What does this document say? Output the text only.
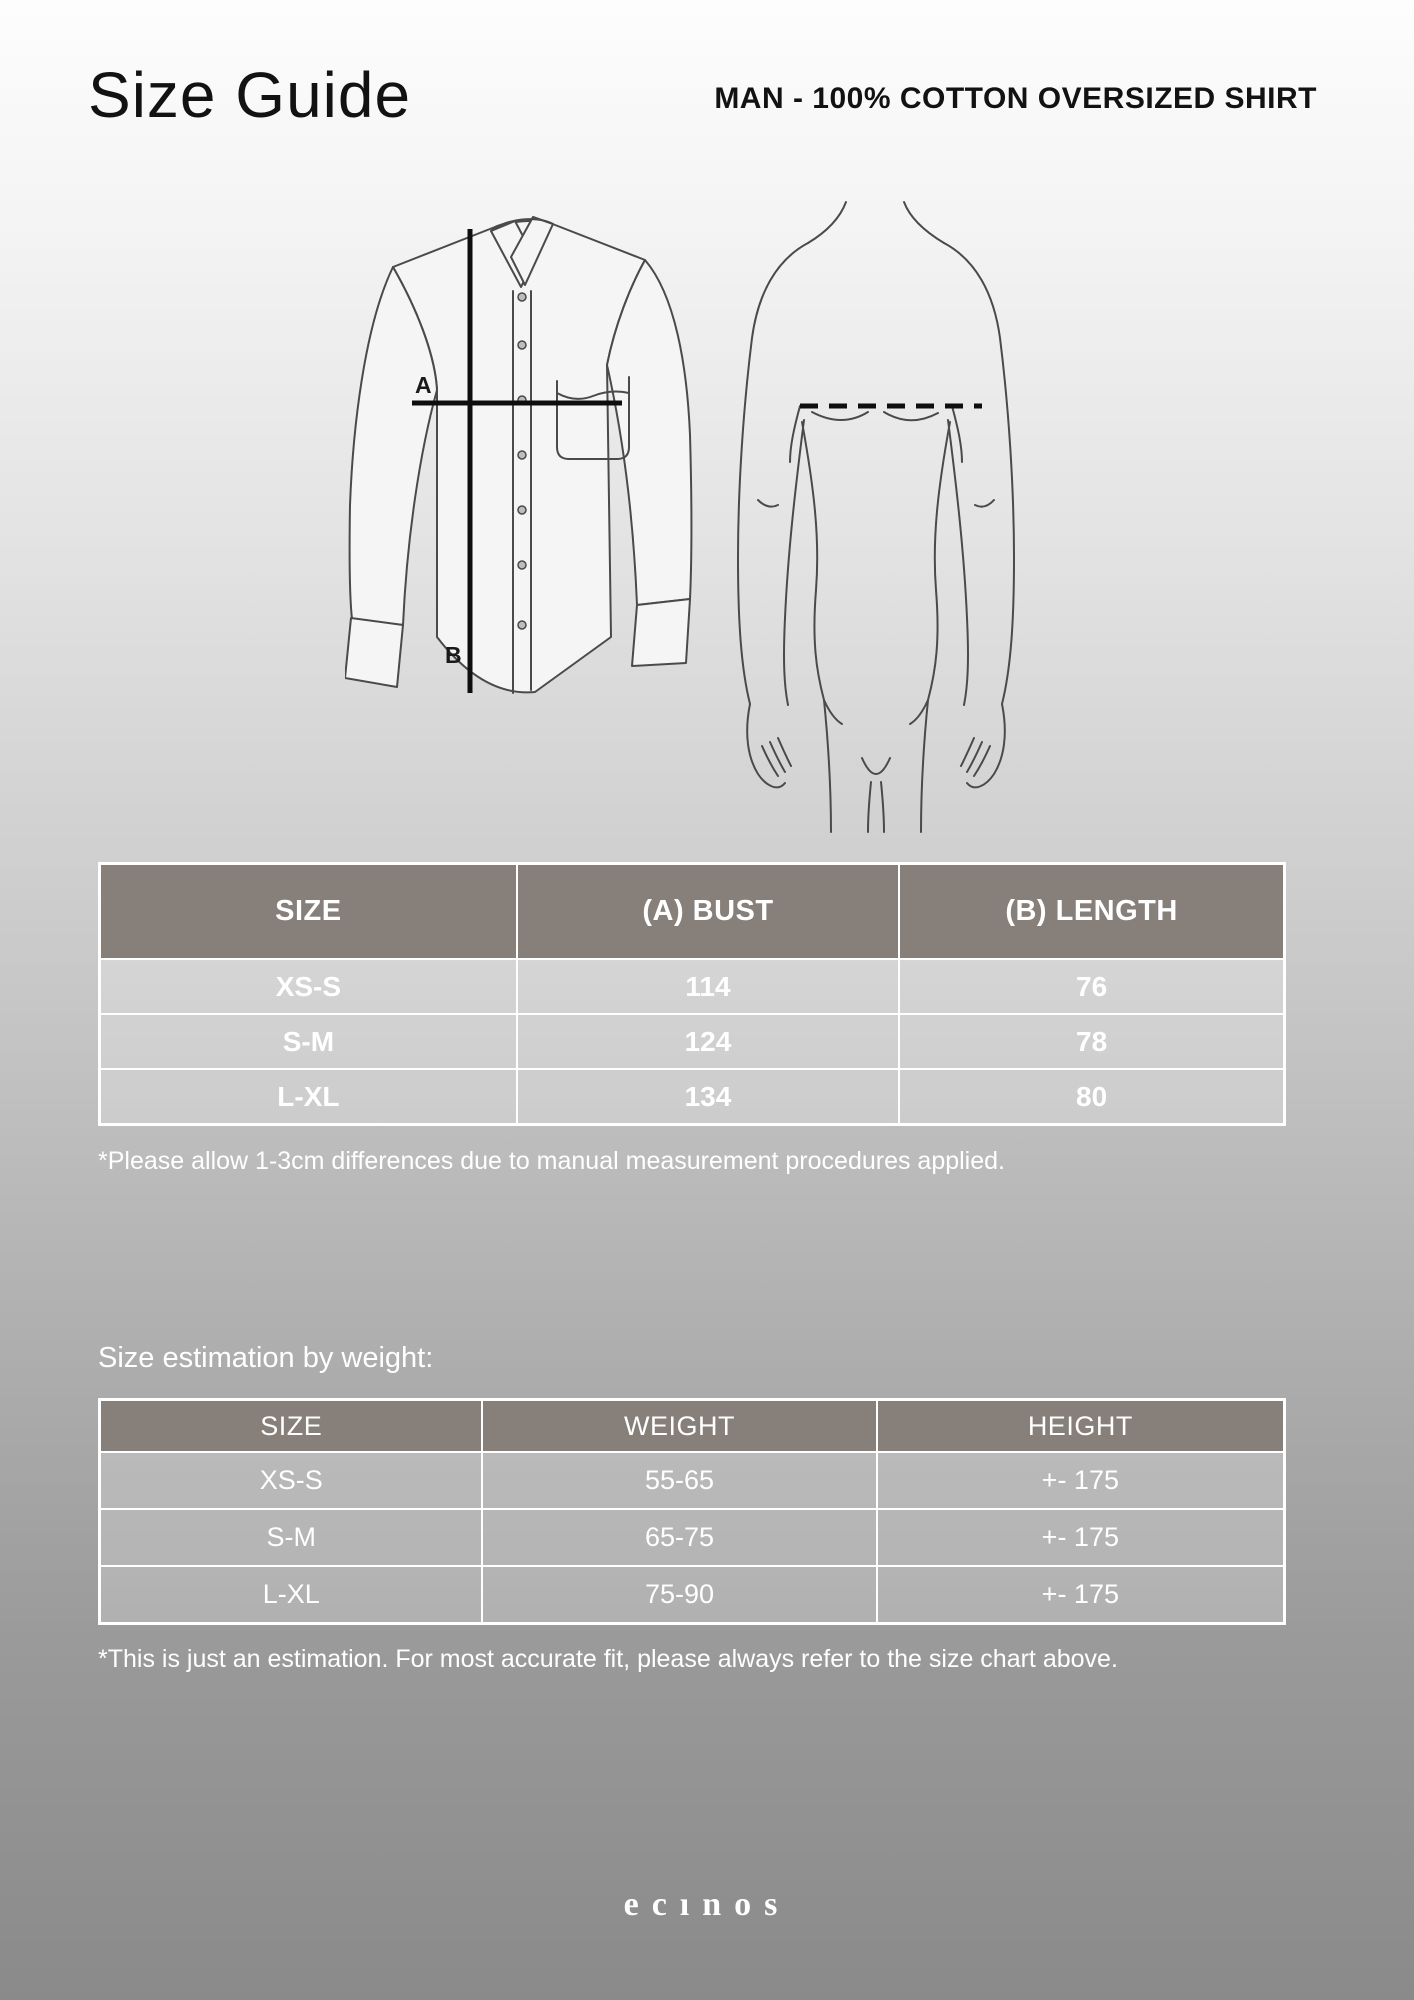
Size Guide	MAN - 100% COTTON OVERSIZED SHIRT
A
B
SIZE	(A) BUST	(B) LENGTH
XS-S	114	76
S-M	124	78
L-XL	134	80
*Please allow 1-3cm differences due to manual measurement procedures applied.
Size estimation by weight:
SIZE	WEIGHT	HEIGHT
XS-S	55-65	+- 175
S-M	65-75	+- 175
L-XL	75-90	+- 175
*This is just an estimation. For most accurate fit, please always refer to the size chart above.
ecınos
